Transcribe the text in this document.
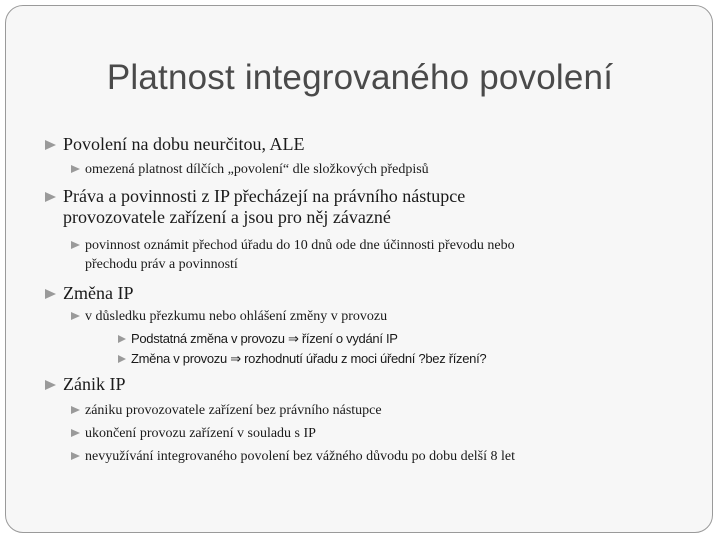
Platnost integrovaného povolení
Povolení na dobu neurčitou, ALE
omezená platnost dílčích „povolení“ dle složkových předpisů
Práva a povinnosti z IP přecházejí na právního nástupce
provozovatele zařízení a jsou pro něj závazné
povinnost oznámit přechod úřadu do 10 dnů ode dne účinnosti převodu nebo
přechodu práv a povinností
Změna IP
v důsledku přezkumu nebo ohlášení změny v provozu
Podstatná změna v provozu ⇒ řízení o vydání IP
Změna v provozu ⇒ rozhodnutí úřadu z moci úřední ?bez řízení?
Zánik IP
zániku provozovatele zařízení bez právního nástupce
ukončení provozu zařízení v souladu s IP
nevyužívání integrovaného povolení bez vážného důvodu po dobu delší 8 let
